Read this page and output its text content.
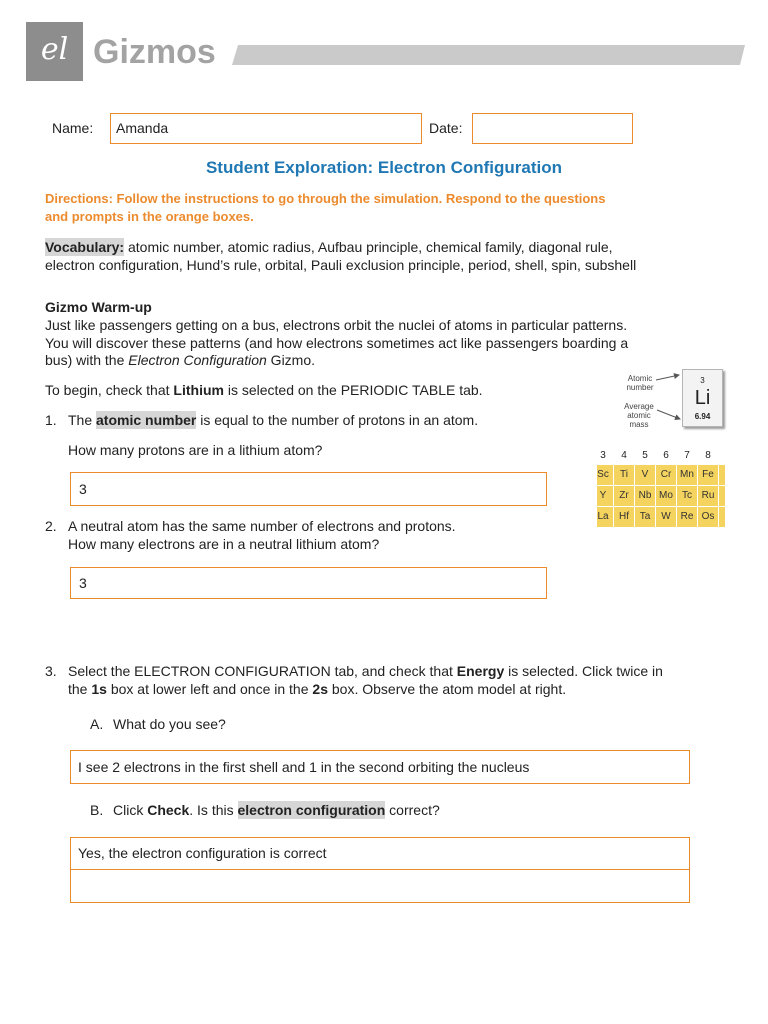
el Gizmos
Name:	Amanda	Date:
Student Exploration: Electron Configuration
Directions: Follow the instructions to go through the simulation. Respond to the questions
and prompts in the orange boxes.
Vocabulary: atomic number, atomic radius, Aufbau principle, chemical family, diagonal rule,
electron configuration, Hund’s rule, orbital, Pauli exclusion principle, period, shell, spin, subshell
Gizmo Warm-up
Just like passengers getting on a bus, electrons orbit the nuclei of atoms in particular patterns.
You will discover these patterns (and how electrons sometimes act like passengers boarding a
bus) with the Electron Configuration Gizmo.
To begin, check that Lithium is selected on the PERIODIC TABLE tab.
1. The atomic number is equal to the number of protons in an atom.
How many protons are in a lithium atom?
3
2. A neutral atom has the same number of electrons and protons.
How many electrons are in a neutral lithium atom?
3
3. Select the ELECTRON CONFIGURATION tab, and check that Energy is selected. Click twice in
the 1s box at lower left and once in the 2s box. Observe the atom model at right.
A. What do you see?
I see 2 electrons in the first shell and 1 in the second orbiting the nucleus
B. Click Check. Is this electron configuration correct?
Yes, the electron configuration is correct
Atomic number
Average atomic mass
3
Li
6.94
3	4	5	6	7	8
Sc	Ti	V	Cr Mn Fe
Y	Zr Nb Mo Tc Ru
La	Hf	Ta	W Re Os
